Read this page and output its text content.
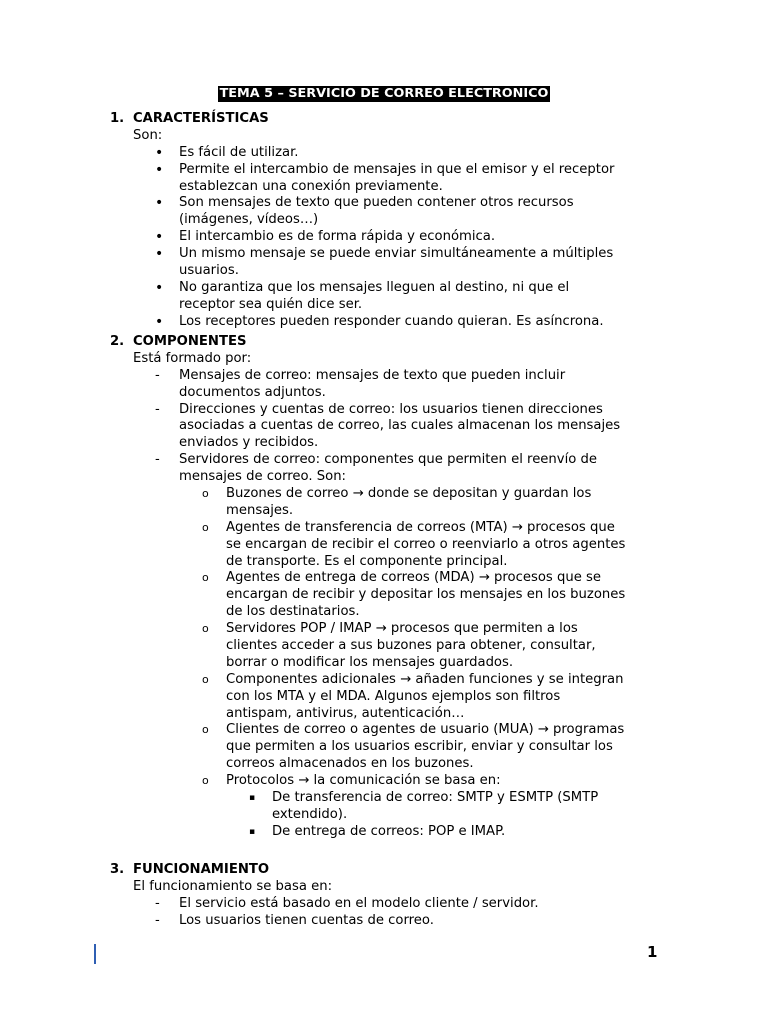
TEMA 5 – SERVICIO DE CORREO ELECTRONICO
1. CARACTERÍSTICAS
Son:
• Es fácil de utilizar.
• Permite el intercambio de mensajes in que el emisor y el receptor
establezcan una conexión previamente.
• Son mensajes de texto que pueden contener otros recursos
(imágenes, vídeos…)
• El intercambio es de forma rápida y económica.
• Un mismo mensaje se puede enviar simultáneamente a múltiples
usuarios.
• No garantiza que los mensajes lleguen al destino, ni que el
receptor sea quién dice ser.
• Los receptores pueden responder cuando quieran. Es asíncrona.
2. COMPONENTES
Está formado por:
- Mensajes de correo: mensajes de texto que pueden incluir
documentos adjuntos.
- Direcciones y cuentas de correo: los usuarios tienen direcciones
asociadas a cuentas de correo, las cuales almacenan los mensajes
enviados y recibidos.
- Servidores de correo: componentes que permiten el reenvío de
mensajes de correo. Son:
o Buzones de correo → donde se depositan y guardan los
mensajes.
o Agentes de transferencia de correos (MTA) → procesos que
se encargan de recibir el correo o reenviarlo a otros agentes
de transporte. Es el componente principal.
o Agentes de entrega de correos (MDA) → procesos que se
encargan de recibir y depositar los mensajes en los buzones
de los destinatarios.
o Servidores POP / IMAP → procesos que permiten a los
clientes acceder a sus buzones para obtener, consultar,
borrar o modificar los mensajes guardados.
o Componentes adicionales → añaden funciones y se integran
con los MTA y el MDA. Algunos ejemplos son filtros
antispam, antivirus, autenticación…
o Clientes de correo o agentes de usuario (MUA) → programas
que permiten a los usuarios escribir, enviar y consultar los
correos almacenados en los buzones.
o Protocolos → la comunicación se basa en:
▪ De transferencia de correo: SMTP y ESMTP (SMTP
extendido).
▪ De entrega de correos: POP e IMAP.
3. FUNCIONAMIENTO
El funcionamiento se basa en:
- El servicio está basado en el modelo cliente / servidor.
- Los usuarios tienen cuentas de correo.
1
